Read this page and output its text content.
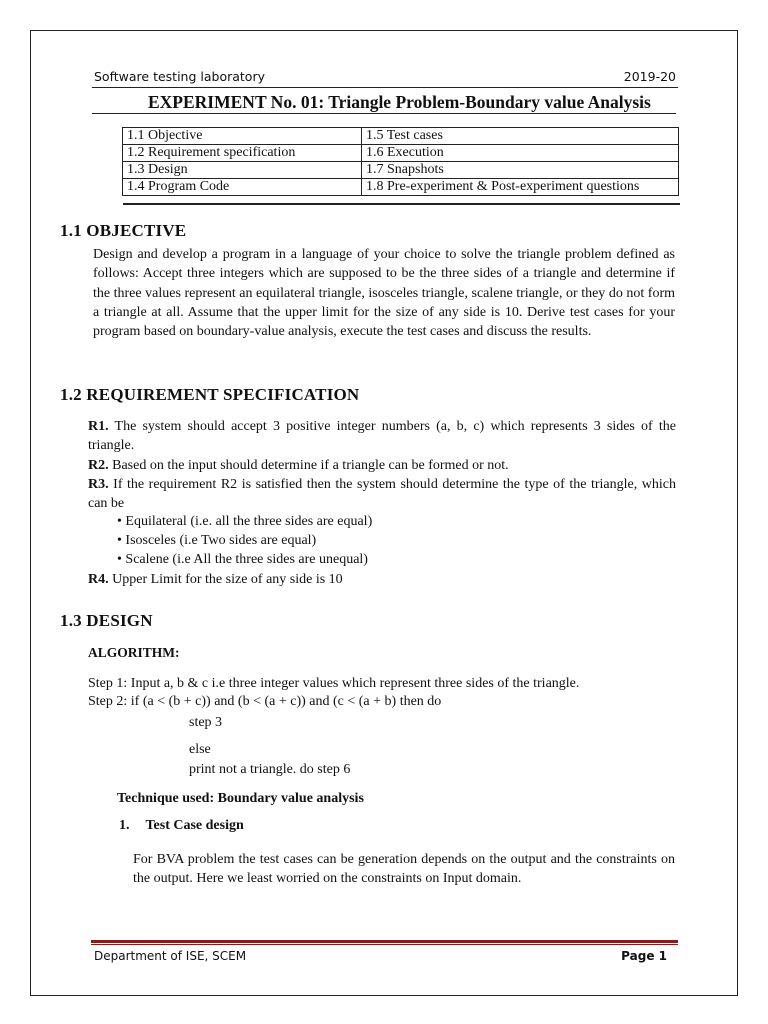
Software testing laboratory	2019-20
EXPERIMENT No. 01: Triangle Problem-Boundary value Analysis
1.1 Objective	1.5 Test cases
1.2 Requirement specification	1.6 Execution
1.3 Design	1.7 Snapshots
1.4 Program Code	1.8 Pre-experiment & Post-experiment questions
1.1 OBJECTIVE
Design and develop a program in a language of your choice to solve the triangle problem defined as follows: Accept three integers which are supposed to be the three sides of a triangle and determine if the three values represent an equilateral triangle, isosceles triangle, scalene triangle, or they do not form a triangle at all. Assume that the upper limit for the size of any side is 10. Derive test cases for your program based on boundary-value analysis, execute the test cases and discuss the results.
1.2 REQUIREMENT SPECIFICATION
R1. The system should accept 3 positive integer numbers (a, b, c) which represents 3 sides of the triangle.
R2. Based on the input should determine if a triangle can be formed or not.
R3. If the requirement R2 is satisfied then the system should determine the type of the triangle, which can be
• Equilateral (i.e. all the three sides are equal)
• Isosceles (i.e Two sides are equal)
• Scalene (i.e All the three sides are unequal)
R4. Upper Limit for the size of any side is 10
1.3 DESIGN
ALGORITHM:
Step 1: Input a, b & c i.e three integer values which represent three sides of the triangle.
Step 2: if (a < (b + c)) and (b < (a + c)) and (c < (a + b) then do
step 3
else
print not a triangle. do step 6
Technique used: Boundary value analysis
1. Test Case design
For BVA problem the test cases can be generation depends on the output and the constraints on the output. Here we least worried on the constraints on Input domain.
Department of ISE, SCEM	Page 1
